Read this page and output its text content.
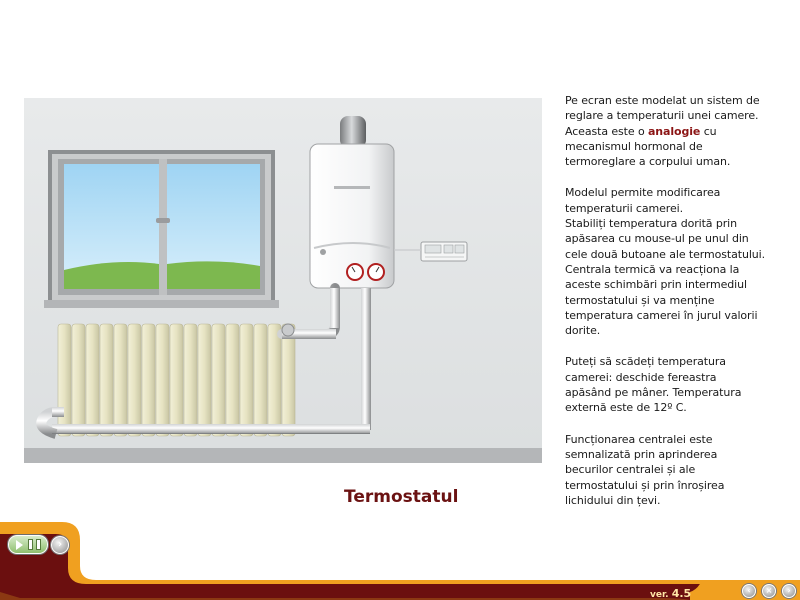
Pe ecran este modelat un sistem de reglare a temperaturii unei camere. Aceasta este o analogie cu mecanismul hormonal de termoreglare a corpului uman.

Modelul permite modificarea temperaturii camerei.
Stabiliți temperatura dorită prin apăsarea cu mouse-ul pe unul din cele două butoane ale termostatului.
Centrala termică va reacționa la aceste schimbări prin intermediul termostatului și va menține temperatura camerei în jurul valorii dorite.

Puteți să scădeți temperatura camerei: deschide fereastra apăsând pe mâner. Temperatura externă este de 12º C.

Funcționarea centralei este semnalizată prin aprinderea becurilor centralei și ale termostatului și prin înroșirea lichidului din țevi.

Termostatul
›
ver. 4.5	‹ × ›
